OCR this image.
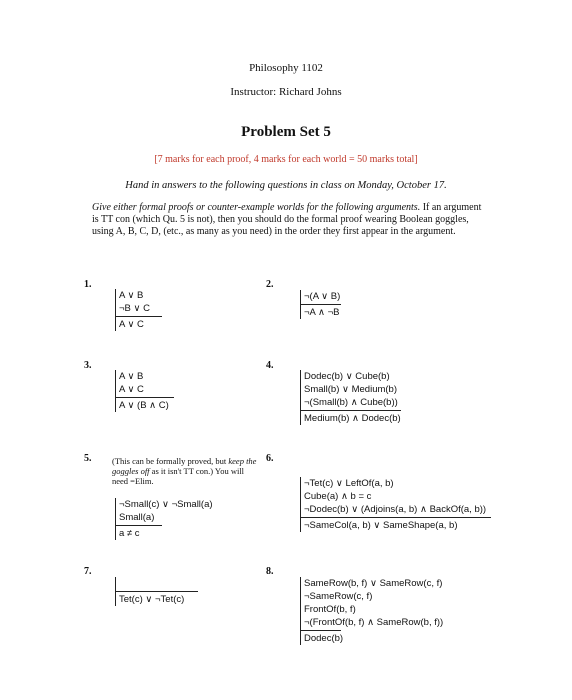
Philosophy 1102
Instructor: Richard Johns
Problem Set 5
[7 marks for each proof, 4 marks for each world = 50 marks total]
Hand in answers to the following questions in class on Monday, October 17.
Give either formal proofs or counter-example worlds for the following arguments. If an argument is TT con (which Qu. 5 is not), then you should do the formal proof wearing Boolean goggles, using A, B, C, D, (etc., as many as you need) in the order they first appear in the argument.
1.
A ∨ B
¬B ∨ C
A ∨ C
2.
¬(A ∨ B)
¬A ∧ ¬B
3.
A ∨ B
A ∨ C
A ∨ (B ∧ C)
4.
Dodec(b) ∨ Cube(b)
Small(b) ∨ Medium(b)
¬(Small(b) ∧ Cube(b))
Medium(b) ∧ Dodec(b)
5. (This can be formally proved, but keep the goggles off as it isn't TT con.) You will need =Elim.
¬Small(c) ∨ ¬Small(a)
Small(a)
a ≠ c
6.
¬Tet(c) ∨ LeftOf(a, b)
Cube(a) ∧ b = c
¬Dodec(b) ∨ (Adjoins(a, b) ∧ BackOf(a, b))
¬SameCol(a, b) ∨ SameShape(a, b)
7.
Tet(c) ∨ ¬Tet(c)
8.
SameRow(b, f) ∨ SameRow(c, f)
¬SameRow(c, f)
FrontOf(b, f)
¬(FrontOf(b, f) ∧ SameRow(b, f))
Dodec(b)
